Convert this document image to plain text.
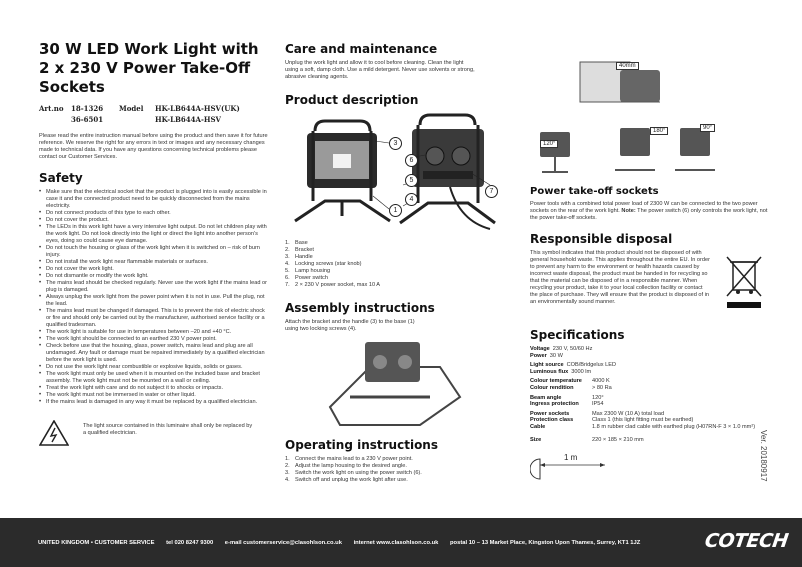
30 W LED Work Light with
2 x 230 V Power Take-Off Sockets
Art.no 18-1326 Model HK-LB644A-HSV(UK)
36-6501	HK-LB644A-HSV

Please read the entire instruction manual before using the product and then save it for future reference. We reserve the right for any errors in text or images and any necessary changes made to technical data. If you have any questions concerning technical problems please contact our Customer Services.

Safety
• Make sure that the electrical socket that the product is plugged into is easily accessible in case it and the connected product need to be quickly disconnected from the mains electricity.
• Do not connect products of this type to each other.
• Do not cover the product.
• The LEDs in this work light have a very intensive light output. Do not let children play with the work light. Do not look directly into the light or direct the light into another person's eyes, doing so could cause eye damage.
• Do not touch the housing or glass of the work light when it is switched on – risk of burn injury.
• Do not install the work light near flammable materials or surfaces.
• Do not cover the work light.
• Do not dismantle or modify the work light.
• The mains lead should be checked regularly. Never use the work light if the mains lead or plug is damaged.
• Always unplug the work light from the power point when it is not in use. Pull the plug, not the lead.
• The mains lead must be changed if damaged. This is to prevent the risk of electric shock or fire and should only be carried out by the manufacturer, authorised service facility or a qualified tradesman.
• The work light is suitable for use in temperatures between –20 and +40 °C.
• The work light should be connected to an earthed 230 V power point.
• Check before use that the housing, glass, power switch, mains lead and plug are all undamaged. Any fault or damage must be repaired immediately by a qualified electrician before the work light is used.
• Do not use the work light near combustible or explosive liquids, solids or gases.
• The work light must only be used when it is mounted on the included base and bracket assembly. The work light must not be mounted on a wall or ceiling.
• Treat the work light with care and do not subject it to shocks or impacts.
• The work light must not be immersed in water or other liquid.
• If the mains lead is damaged in any way it must be replaced by a qualified electrician.

The light source contained in this luminaire shall only be replaced by a qualified electrician.

Care and maintenance

Unplug the work light and allow it to cool before cleaning. Clean the light using a soft, damp cloth. Use a mild detergent. Never use solvents or strong, abrasive cleaning agents.

Product description
3
1
6
5
4
7
1. Base
2. Bracket
3. Handle
4. Locking screws (star knob)
5. Lamp housing
6. Power switch
7. 2 × 230 V power socket, max 10 A
Assembly instructions

Attach the bracket and the handle (3) to the base (1) using two locking screws (4).

Operating instructions
1. Connect the mains lead to a 230 V power point.
2. Adjust the lamp housing to the desired angle.
3. Switch the work light on using the power switch (6).
4. Switch off and unplug the work light after use.
40mm
120°
180°	90°
Power take-off sockets

Power tools with a combined total power load of 2300 W can be connected to the two power sockets on the rear of the work light. Note: The power switch (6) only controls the work light, not the power take-off sockets.

Responsible disposal

This symbol indicates that this product should not be disposed of with general household waste. This applies throughout the entire EU. In order to prevent any harm to the environment or health hazards caused by incorrect waste disposal, the product must be handed in for recycling so that the material can be disposed of in a responsible manner. When recycling your product, take it to your local collection facility or contact the place of purchase. They will ensure that the product is disposed of in an environmentally sound manner.

Specifications
Voltage 230 V, 50/60 Hz
Power 30 W
Light source COB/Bridgelux LED
Luminous flux 3000 lm
Colour temperature	4000 K
Colour rendition	> 80 Ra
Beam angle	120°
Ingress protection	IP54
Power sockets	Max 2300 W (10 A) total load
Protection class	Class 1 (this light fitting must be earthed)
Cable	1.8 m rubber clad cable with earthed plug (H07RN-F 3 × 1.0 mm²)
Size	220 × 185 × 210 mm
1 m	Ver. 20180917
UNITED KINGDOM • CUSTOMER SERVICE tel 020 8247 9300 e-mail customerservice@clasohlson.co.uk internet www.clasohlson.co.uk postal 10 – 13 Market Place, Kingston Upon Thames, Surrey, KT1 1JZ	COTECH
